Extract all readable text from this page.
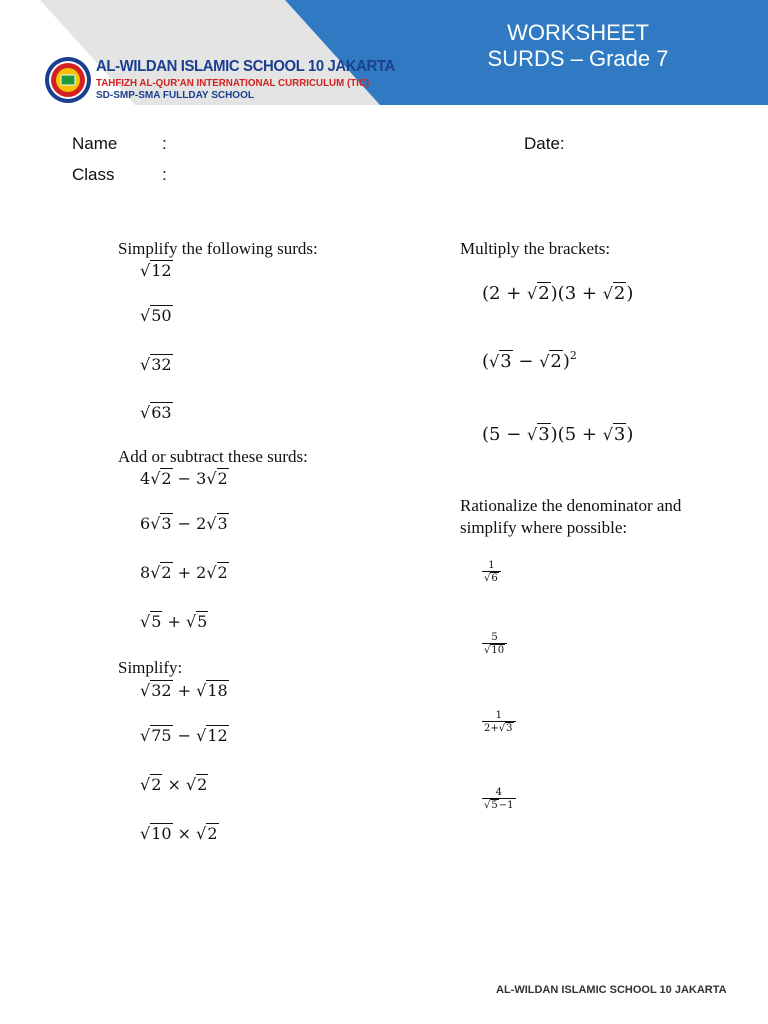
WORKSHEET
SURDS – Grade 7
AL-WILDAN ISLAMIC SCHOOL 10 JAKARTA
TAHFIZH AL-QUR'AN INTERNATIONAL CURRICULUM (TIC)
SD-SMP-SMA FULLDAY SCHOOL
Name	:
Class	:
Date:
Simplify the following surds:
√12
√50
√32
√63
Add or subtract these surds:
4√2 − 3√2
6√3 − 2√3
8√2 + 2√2
√5 + √5
Simplify:
√32 + √18
√75 − √12
√2 × √2
√10 × √2
Multiply the brackets:
(2 + √2)(3 + √2)
$(√3 - √2)^2$
(5 − √3)(5 + √3)
Rationalize the denominator and
simplify where possible:
$\frac{1}{√6}$
$\frac{5}{√10}$
$\frac{1}{2+√3}$
$\frac{4}{√5-1}$
AL-WILDAN ISLAMIC SCHOOL 10 JAKARTA
